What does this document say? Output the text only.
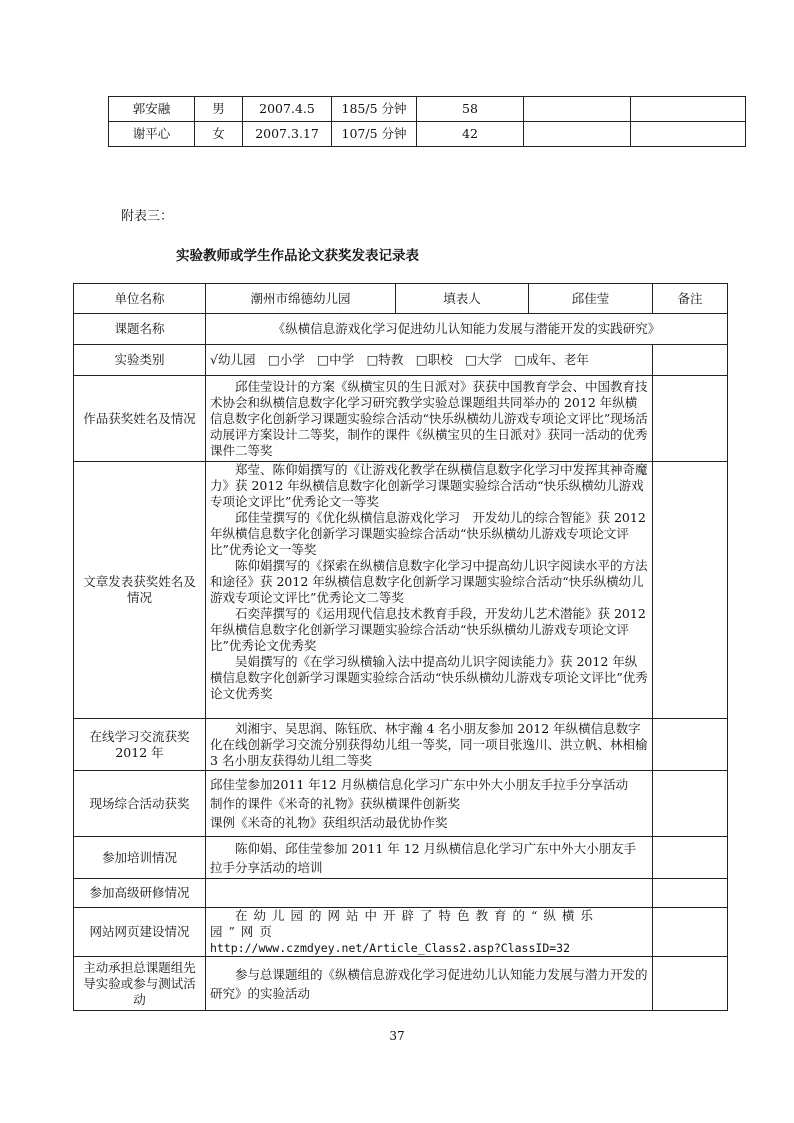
郭安融	男	2007.4.5	185/5 分钟	58		
谢平心	女	2007.3.17	107/5 分钟	42		
附表三：
实验教师或学生作品论文获奖发表记录表
单位名称	潮州市绵德幼儿园	填表人	邱佳莹	备注
课题名称	《纵横信息游戏化学习促进幼儿认知能力发展与潜能开发的实践研究》			
实验类别	√幼儿园　□小学　□中学　□特教　□职校　□大学　□成年、老年			
作品获奖姓名及情况	邱佳莹设计的方案《纵横宝贝的生日派对》获获中国教育学会、中国教育技术协会和纵横信息数字化学习研究教学实验总课题组共同举办的 2012 年纵横信息数字化创新学习课题实验综合活动“快乐纵横幼儿游戏专项论文评比”现场活动展评方案设计二等奖，制作的课件《纵横宝贝的生日派对》获同一活动的优秀课件二等奖			
文章发表获奖姓名及情况	郑莹、陈仰娟撰写的《让游戏化教学在纵横信息数字化学习中发挥其神奇魔力》获 2012 年纵横信息数字化创新学习课题实验综合活动“快乐纵横幼儿游戏专项论文评比”优秀论文一等奖
邱佳莹撰写的《优化纵横信息游戏化学习　开发幼儿的综合智能》获 2012 年纵横信息数字化创新学习课题实验综合活动“快乐纵横幼儿游戏专项论文评比”优秀论文一等奖
陈仰娟撰写的《探索在纵横信息数字化学习中提高幼儿识字阅读水平的方法和途径》获 2012 年纵横信息数字化创新学习课题实验综合活动“快乐纵横幼儿游戏专项论文评比”优秀论文二等奖
石奕萍撰写的《运用现代信息技术教育手段，开发幼儿艺术潜能》获 2012 年纵横信息数字化创新学习课题实验综合活动“快乐纵横幼儿游戏专项论文评比”优秀论文优秀奖
吴娟撰写的《在学习纵横输入法中提高幼儿识字阅读能力》获 2012 年纵横信息数字化创新学习课题实验综合活动“快乐纵横幼儿游戏专项论文评比”优秀论文优秀奖			

在线学习交流获奖
2012 年	刘湘宇、吴思润、陈钰欣、林宇瀚 4 名小朋友参加 2012 年纵横信息数字化在线创新学习交流分别获得幼儿组一等奖，同一项目张逸川、洪立帆、林相榆 3 名小朋友获得幼儿组二等奖			
现场综合活动获奖	邱佳莹参加2011 年12 月纵横信息化学习广东中外大小朋友手拉手分享活动
制作的课件《米奇的礼物》获纵横课件创新奖
课例《米奇的礼物》获组织活动最优协作奖			

参加培训情况	陈仰娟、邱佳莹参加 2011 年 12 月纵横信息化学习广东中外大小朋友手拉手分享活动的培训			
参加高级研修情况				
网站网页建设情况	在幼儿园的网站中开辟了特色教育的“纵横乐园”网页
http://www.czmdyey.net/Article_Class2.asp?ClassID=32			

主动承担总课题组先导实验或参与测试活动	参与总课题组的《纵横信息游戏化学习促进幼儿认知能力发展与潜力开发的研究》的实验活动			
37
